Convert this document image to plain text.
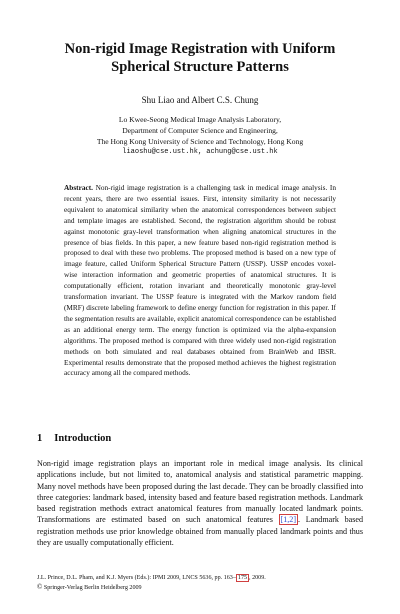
Non-rigid Image Registration with Uniform
Spherical Structure Patterns
Shu Liao and Albert C.S. Chung
Lo Kwee-Seong Medical Image Analysis Laboratory,
Department of Computer Science and Engineering,
The Hong Kong University of Science and Technology, Hong Kong
liaoshu@cse.ust.hk, achung@cse.ust.hk

Abstract. Non-rigid image registration is a challenging task in medical image analysis. In recent years, there are two essential issues. First, intensity similarity is not necessarily equivalent to anatomical similarity when the anatomical correspondences between subject and template images are established. Second, the registration algorithm should be robust against monotonic gray-level transformation when aligning anatomical structures in the presence of bias fields. In this paper, a new feature based non-rigid registration method is proposed to deal with these two problems. The proposed method is based on a new type of image feature, called Uniform Spherical Structure Pattern (USSP). USSP encodes voxel-wise interaction information and geometric properties of anatomical structures. It is computationally efficient, rotation invariant and theoretically monotonic gray-level transformation invariant. The USSP feature is integrated with the Markov random field (MRF) discrete labeling framework to define energy function for registration in this paper. If the segmentation results are available, explicit anatomical correspondence can be established as an additional energy term. The energy function is optimized via the alpha-expansion algorithms. The proposed method is compared with three widely used non-rigid registration methods on both simulated and real databases obtained from BrainWeb and IBSR. Experimental results demonstrate that the proposed method achieves the highest registration accuracy among all the compared methods.

1 Introduction

Non-rigid image registration plays an important role in medical image analysis. Its clinical applications include, but not limited to, anatomical analysis and statistical parametric mapping. Many novel methods have been proposed during the last decade. They can be broadly classified into three categories: landmark based, intensity based and feature based registration methods. Landmark based registration methods extract anatomical features from manually located landmark points. Transformations are estimated based on such anatomical features [1,2] . Landmark based registration methods use prior knowledge obtained from manually placed landmark points and thus they are usually computationally efficient.

J.L. Prince, D.L. Pham, and K.J. Myers (Eds.): IPMI 2009, LNCS 5636, pp. 163– 175 , 2009.
© Springer-Verlag Berlin Heidelberg 2009
